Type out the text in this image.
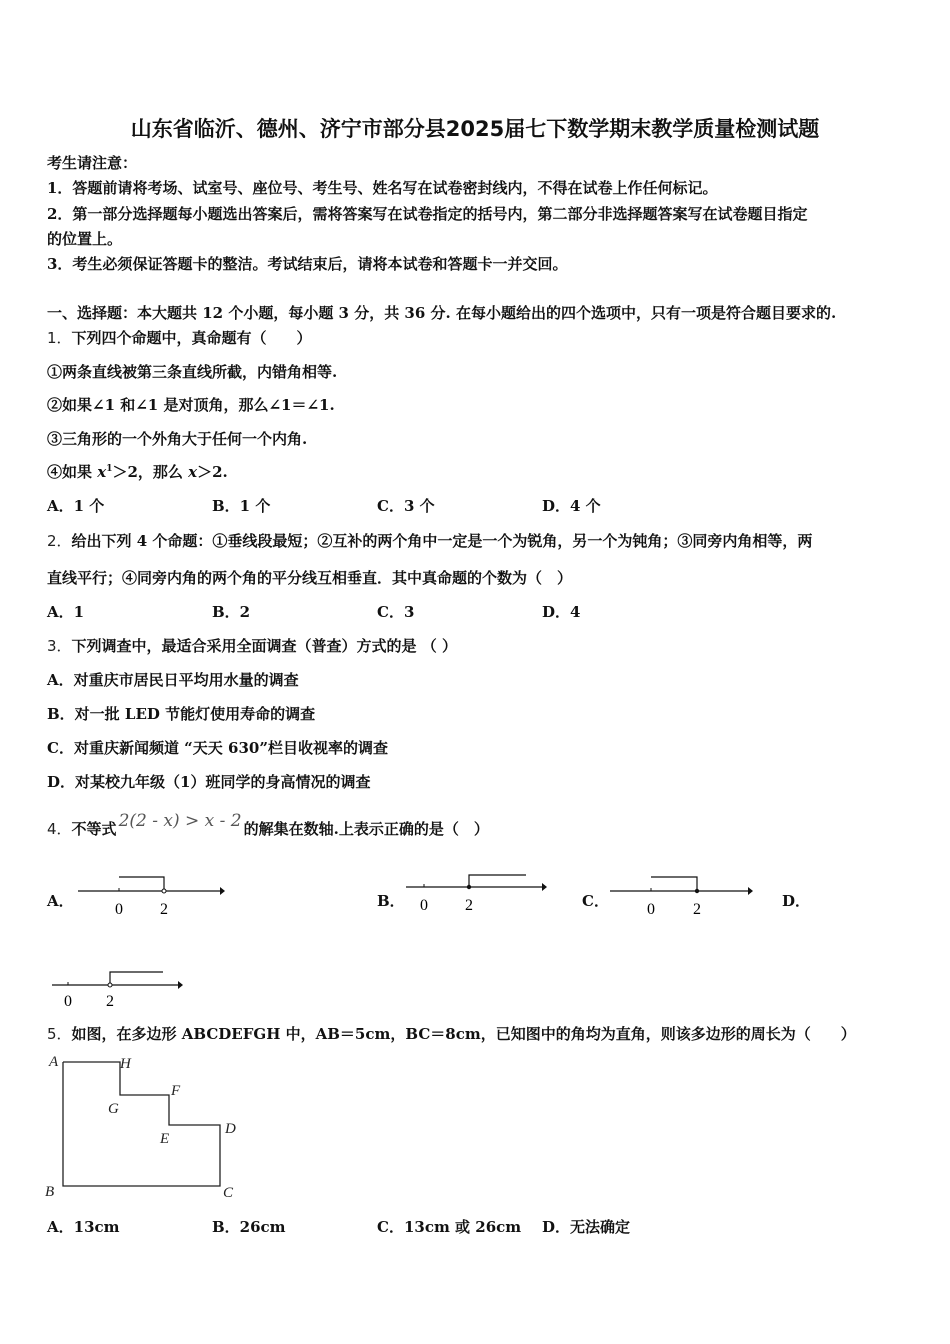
山东省临沂、德州、济宁市部分县2025届七下数学期末教学质量检测试题
考生请注意：
1．答题前请将考场、试室号、座位号、考生号、姓名写在试卷密封线内，不得在试卷上作任何标记。
2．第一部分选择题每小题选出答案后，需将答案写在试卷指定的括号内，第二部分非选择题答案写在试卷题目指定
的位置上。
3．考生必须保证答题卡的整洁。考试结束后，请将本试卷和答题卡一并交回。
一、选择题：本大题共 12 个小题，每小题 3 分，共 36 分. 在每小题给出的四个选项中，只有一项是符合题目要求的.
1．下列四个命题中，真命题有（　　）
①两条直线被第三条直线所截，内错角相等.
②如果∠1 和∠1 是对顶角，那么∠1＝∠1.
③三角形的一个外角大于任何一个内角.
④如果 $x^1>2$，那么 x＞2.
A．1 个	B．1 个	C．3 个	D．4 个
2．给出下列 4 个命题：①垂线段最短；②互补的两个角中一定是一个为锐角，另一个为钝角；③同旁内角相等，两
直线平行；④同旁内角的两个角的平分线互相垂直．其中真命题的个数为（　）
A．1	B．2	C．3	D．4
3．下列调查中，最适合采用全面调查（普查）方式的是 （ ）
A．对重庆市居民日平均用水量的调查
B．对一批 LED 节能灯使用寿命的调查
C．对重庆新闻频道 “天天 630”栏目收视率的调查
D．对某校九年级（1）班同学的身高情况的调查
4．不等式 2(2 - x) > x - 2 的解集在数轴.上表示正确的是（　）
A．	0 2	B． 0 2	C． 0 2	D．
0 2
5．如图，在多边形 ABCDEFGH 中，AB＝5cm，BC＝8cm，已知图中的角均为直角，则该多边形的周长为（　　）
A	H
G
F
E
D
B	C
A．13cm	B．26cm	C．13cm 或 26cm D．无法确定
